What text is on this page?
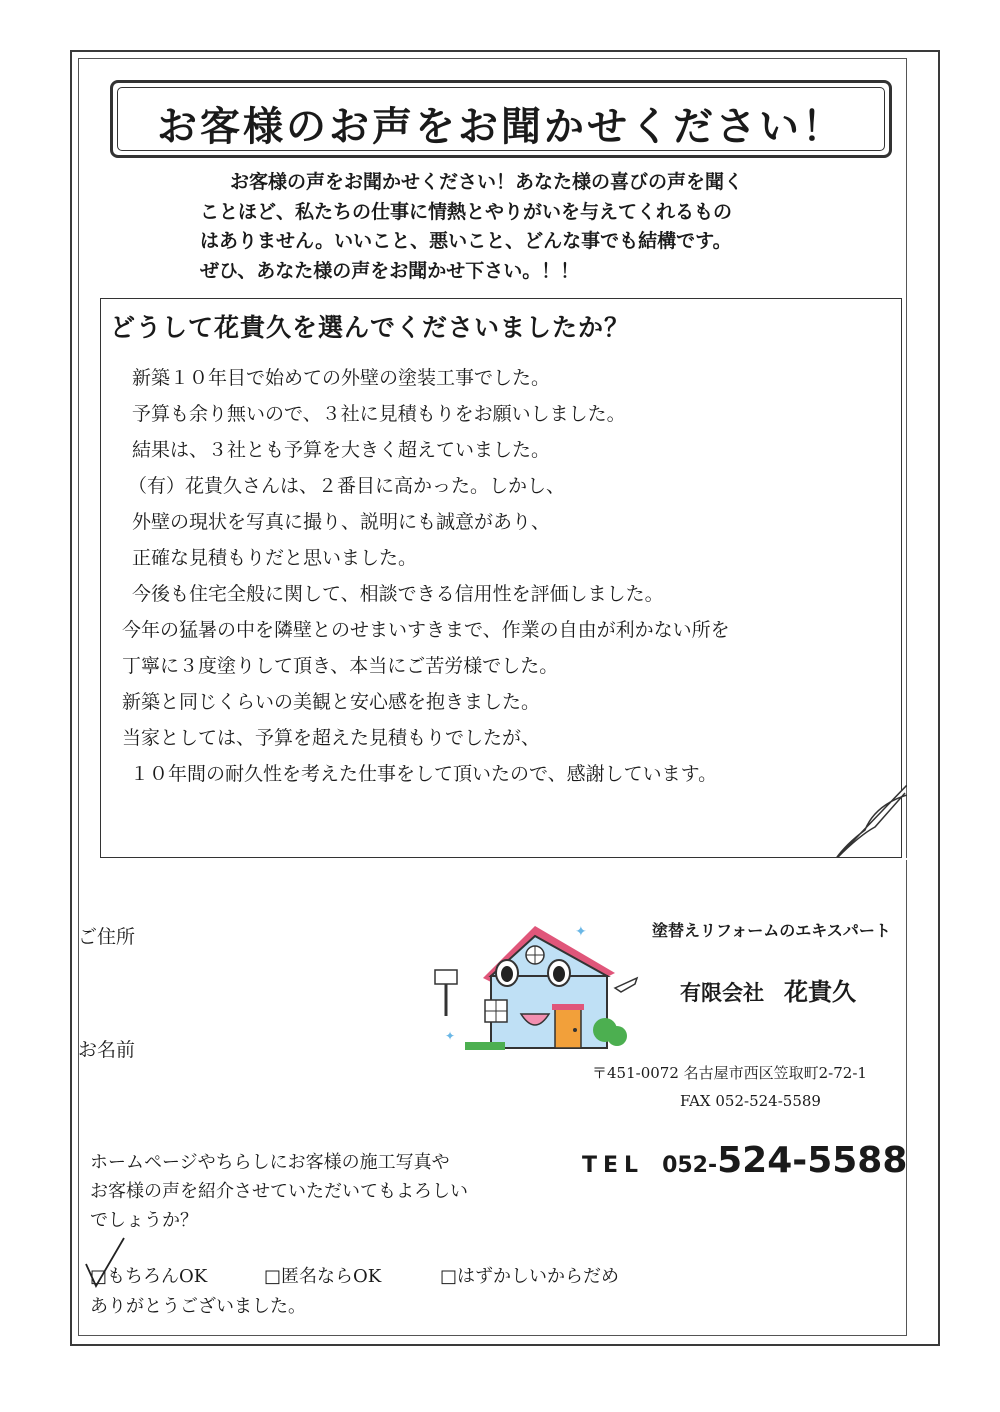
お客様のお声をお聞かせください！
お客様の声をお聞かせください！あなた様の喜びの声を聞く
ことほど、私たちの仕事に情熱とやりがいを与えてくれるもの
はありません。いいこと、悪いこと、どんな事でも結構です。
ぜひ、あなた様の声をお聞かせ下さい。！！
どうして花貴久を選んでくださいましたか？
新築１０年目で始めての外壁の塗装工事でした。
予算も余り無いので、３社に見積もりをお願いしました。
結果は、３社とも予算を大きく超えていました。
（有）花貴久さんは、２番目に高かった。しかし、
外壁の現状を写真に撮り、説明にも誠意があり、
正確な見積もりだと思いました。
今後も住宅全般に関して、相談できる信用性を評価しました。
今年の猛暑の中を隣壁とのせまいすきまで、作業の自由が利かない所を
丁寧に３度塗りして頂き、本当にご苦労様でした。
新築と同じくらいの美観と安心感を抱きました。
当家としては、予算を超えた見積もりでしたが、
１０年間の耐久性を考えた仕事をして頂いたので、感謝しています。
ご住所
お名前
✦
✦
塗替えリフォームのエキスパート
有限会社 花貴久
〒451-0072 名古屋市西区笠取町2-72-1
FAX 052-524-5589
TEL 052-524-5588
ホームページやちらしにお客様の施工写真や
お客様の声を紹介させていただいてもよろしい
でしょうか？
□もちろんOK	□匿名ならOK	□はずかしいからだめ
ありがとうございました。
